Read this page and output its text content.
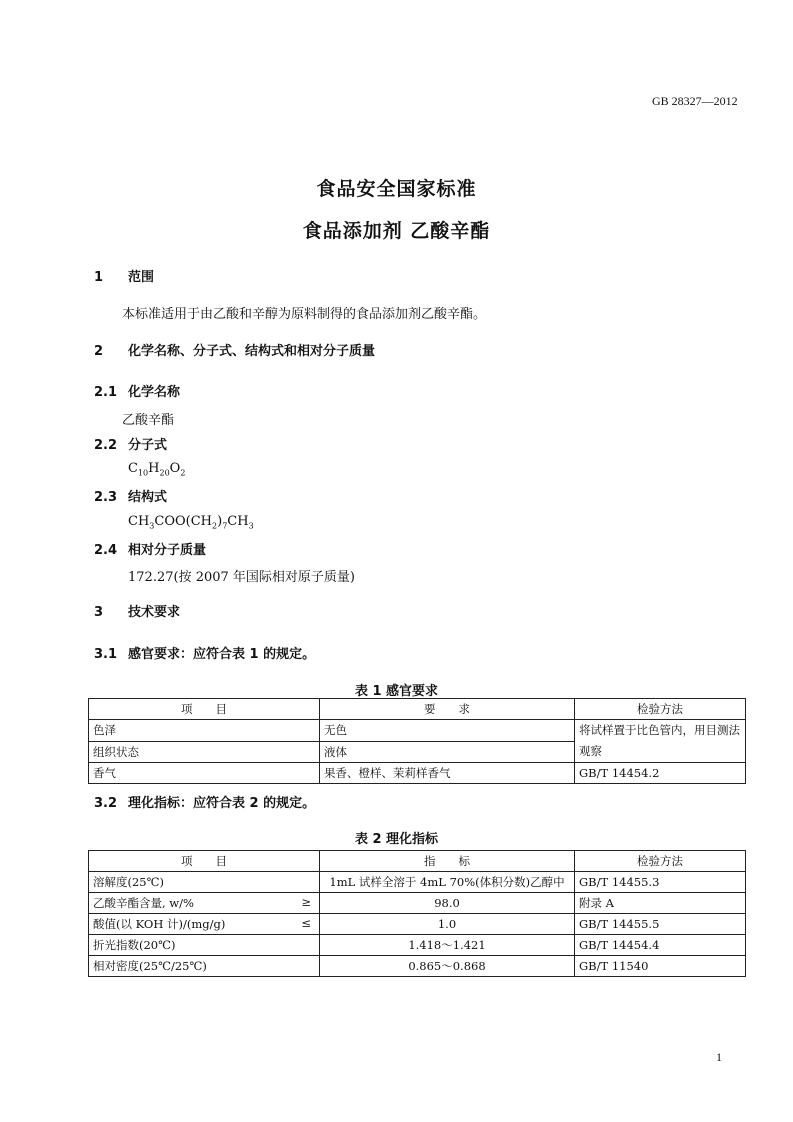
GB 28327—2012
食品安全国家标准
食品添加剂 乙酸辛酯
1 范围
本标准适用于由乙酸和辛醇为原料制得的食品添加剂乙酸辛酯。
2 化学名称、分子式、结构式和相对分子质量
2.1 化学名称
乙酸辛酯
2.2 分子式
$C_{10}H_{20}O_2$
2.3 结构式
$CH_3COO(CH_2)_7CH_3$
2.4 相对分子质量
172.27(按 2007 年国际相对原子质量)
3 技术要求
3.1 感官要求：应符合表 1 的规定。
表 1 感官要求
项　　目	要　　求	检验方法
色泽	无色	将试样置于比色管内，用目测法观察
组织状态	液体	
香气	果香、橙样、茉莉样香气	GB/T 14454.2
3.2 理化指标：应符合表 2 的规定。
表 2 理化指标
项　　目	指　　标	检验方法
溶解度(25℃)	1mL 试样全溶于 4mL 70%(体积分数)乙醇中	GB/T 14455.3
乙酸辛酯含量, w/% ≥	98.0	附录 A
酸值(以 KOH 计)/(mg/g) ≤	1.0	GB/T 14455.5
折光指数(20℃)	1.418～1.421	GB/T 14454.4
相对密度(25℃/25℃)	0.865～0.868	GB/T 11540
1
